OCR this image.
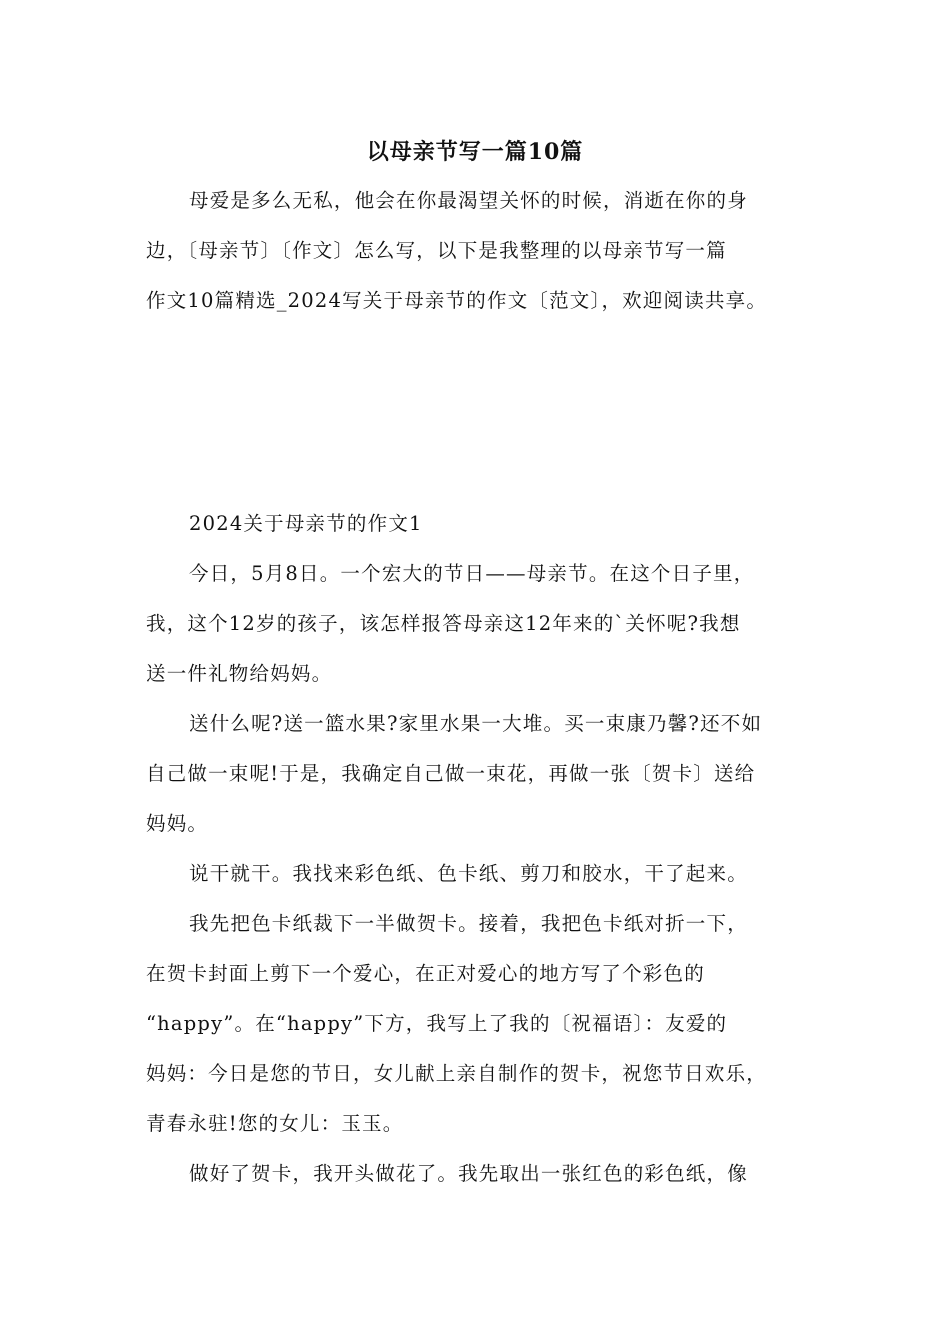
以母亲节写一篇10篇
母爱是多么无私，他会在你最渴望关怀的时候，消逝在你的身
边，〔母亲节〕〔作文〕怎么写，以下是我整理的以母亲节写一篇
作文10篇精选_2024写关于母亲节的作文〔范文〕，欢迎阅读共享。
2024关于母亲节的作文1
今日，5月8日。一个宏大的节日——母亲节。在这个日子里，
我，这个12岁的孩子，该怎样报答母亲这12年来的`关怀呢?我想
送一件礼物给妈妈。
送什么呢?送一篮水果?家里水果一大堆。买一束康乃馨?还不如
自己做一束呢!于是，我确定自己做一束花，再做一张〔贺卡〕送给
妈妈。
说干就干。我找来彩色纸、色卡纸、剪刀和胶水，干了起来。
我先把色卡纸裁下一半做贺卡。接着，我把色卡纸对折一下，
在贺卡封面上剪下一个爱心，在正对爱心的地方写了个彩色的
“happy”。在“happy”下方，我写上了我的〔祝福语〕：友爱的
妈妈：今日是您的节日，女儿献上亲自制作的贺卡，祝您节日欢乐，
青春永驻!您的女儿：玉玉。
做好了贺卡，我开头做花了。我先取出一张红色的彩色纸，像
